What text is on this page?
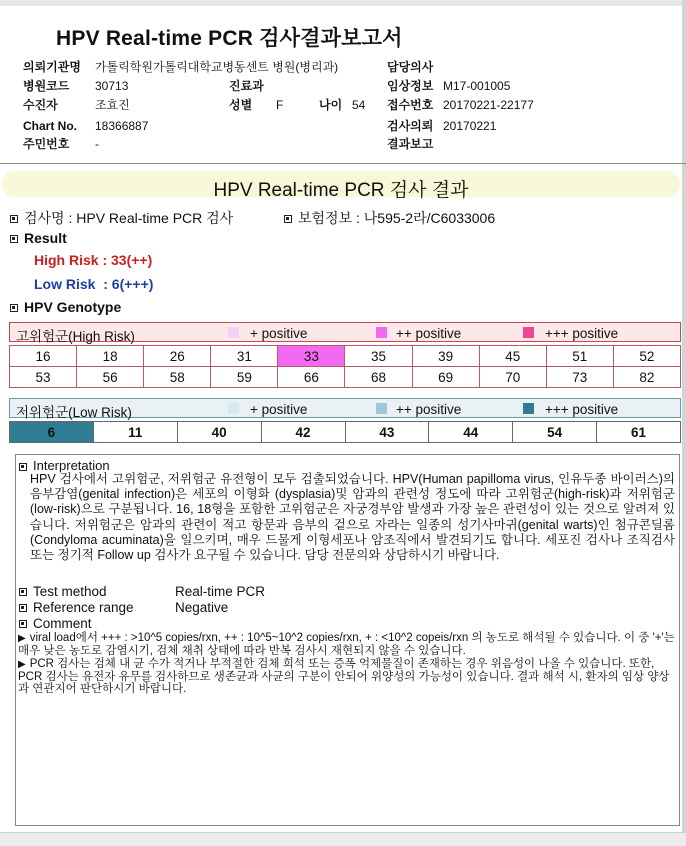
HPV Real-time PCR 검사결과보고서
의뢰기관명 가톨릭학원가톨릭대학교병동센트 병원(병리과)
병원코드 30713
수진자	조효진
Chart No. 18366887
주민번호 -
진료과
성별 F	나이 54
담당의사
임상정보 M17-001005
접수번호 20170221-22177
검사의뢰 20170221
결과보고
HPV Real-time PCR 검사 결과
검사명 : HPV Real-time PCR 검사	보험정보 : 나595-2라/C6033006
Result
High Risk : 33(++)
Low Risk  : 6(+++)
HPV Genotype
고위험군(High Risk)	+ positive	++ positive	+++ positive
16	18	26	31	33	35	39	45	51	52
53	56	58	59	66	68	69	70	73	82
저위험군(Low Risk)	+ positive	++ positive	+++ positive
6	11	40	42	43	44	54	61
Interpretation
HPV 검사에서 고위험군, 저위험군 유전형이 모두 검출되었습니다. HPV(Human papilloma virus, 인유두종 바이러스)의 음부감염(genital infection)은 세포의 이형화 (dysplasia)및 암과의 관련성 정도에 따라 고위험군(high-risk)과 저위험군(low-risk)으로 구분됩니다. 16, 18형을 포함한 고위험군은 자궁경부암 발생과 가장 높은 관련성이 있는 것으로 알려져 있습니다. 저위험군은 암과의 관련이 적고 항문과 음부의 겉으로 자라는 일종의 성기사마귀(genital warts)인 첨규콘딜롬(Condyloma acuminata)을 일으키며, 매우 드물게 이형세포나 암조직에서 발견되기도 합니다. 세포진 검사나 조직검사 또는 정기적 Follow up 검사가 요구될 수 있습니다. 담당 전문의와 상담하시기 바랍니다.
Test method	Real-time PCR
Reference range	Negative
Comment
▶ viral load에서 +++ : >10^5 copies/rxn, ++ : 10^5~10^2 copies/rxn, + : <10^2 copeis/rxn 의 농도로 해석될 수 있습니다. 이 중 '+'는 매우 낮은 농도로 감염시기, 검체 채취 상태에 따라 반복 검사시 재현되지 않을 수 있습니다.
▶ PCR 검사는 검체 내 균 수가 적거나 부적절한 검체 희석 또는 증폭 억제물질이 존재하는 경우 위음성이 나올 수 있습니다. 또한, PCR 검사는 유전자 유무를 검사하므로 생존균과 사균의 구분이 안되어 위양성의 가능성이 있습니다. 결과 해석 시, 환자의 임상 양상과 연관지어 판단하시기 바랍니다.
